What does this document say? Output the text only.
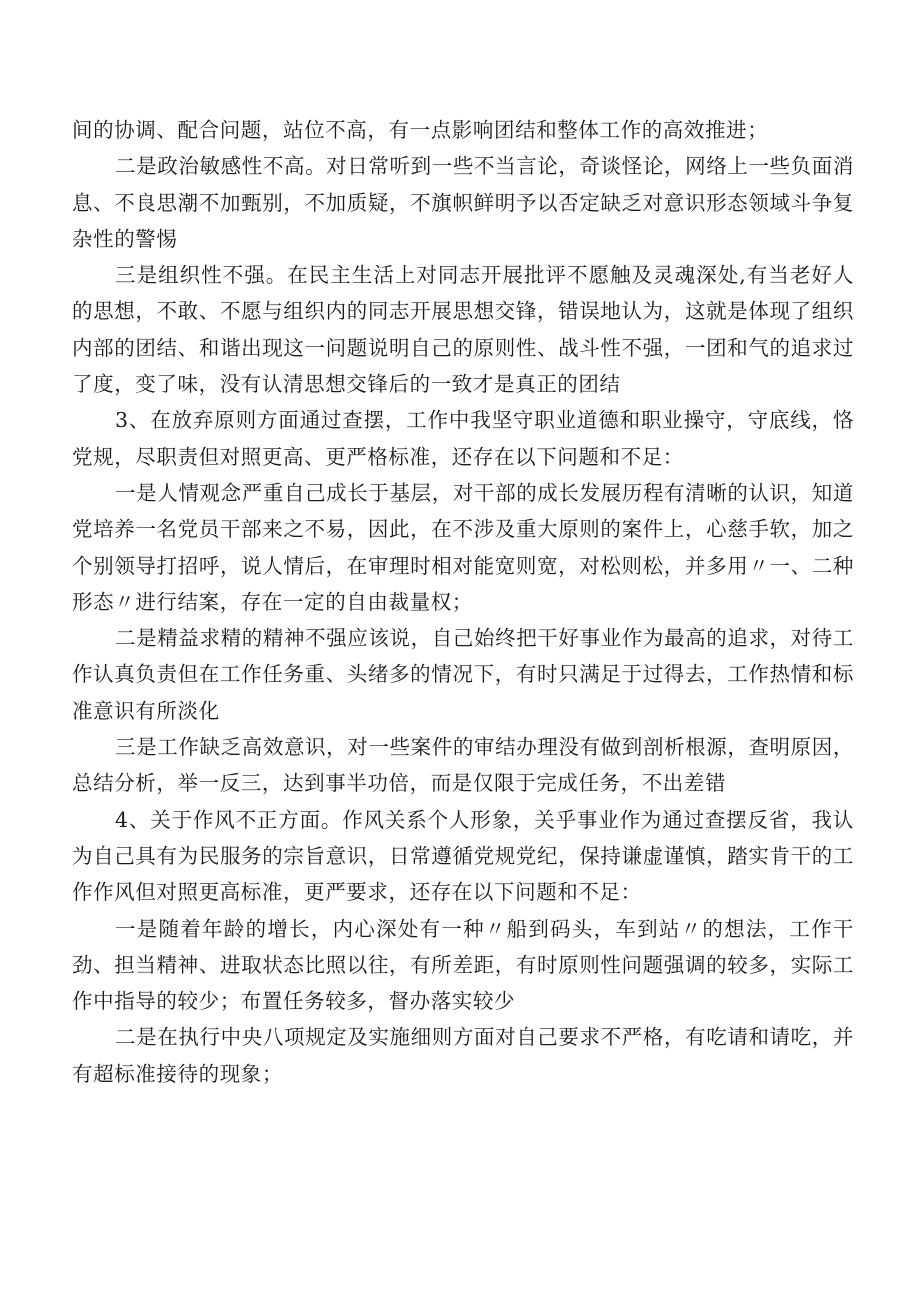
间的协调、配合问题，站位不高，有一点影响团结和整体工作的高效推进；

二是政治敏感性不高。对日常听到一些不当言论，奇谈怪论，网络上一些负面消息、不良思潮不加甄别，不加质疑，不旗帜鲜明予以否定缺乏对意识形态领域斗争复杂性的警惕

三是组织性不强。在民主生活上对同志开展批评不愿触及灵魂深处,有当老好人的思想，不敢、不愿与组织内的同志开展思想交锋，错误地认为，这就是体现了组织内部的团结、和谐出现这一问题说明自己的原则性、战斗性不强，一团和气的追求过了度，变了味，没有认清思想交锋后的一致才是真正的团结

3、在放弃原则方面通过查摆，工作中我坚守职业道德和职业操守，守底线，恪党规，尽职责但对照更高、更严格标准，还存在以下问题和不足：

一是人情观念严重自己成长于基层，对干部的成长发展历程有清晰的认识，知道党培养一名党员干部来之不易，因此，在不涉及重大原则的案件上，心慈手软，加之个别领导打招呼，说人情后，在审理时相对能宽则宽，对松则松，并多用〃一、二种形态〃进行结案，存在一定的自由裁量权；

二是精益求精的精神不强应该说，自己始终把干好事业作为最高的追求，对待工作认真负责但在工作任务重、头绪多的情况下，有时只满足于过得去，工作热情和标准意识有所淡化

三是工作缺乏高效意识，对一些案件的审结办理没有做到剖析根源，查明原因，总结分析，举一反三，达到事半功倍，而是仅限于完成任务，不出差错

4、关于作风不正方面。作风关系个人形象，关乎事业作为通过查摆反省，我认为自己具有为民服务的宗旨意识，日常遵循党规党纪，保持谦虚谨慎，踏实肯干的工作作风但对照更高标准，更严要求，还存在以下问题和不足：

一是随着年龄的增长，内心深处有一种〃船到码头，车到站〃的想法，工作干劲、担当精神、进取状态比照以往，有所差距，有时原则性问题强调的较多，实际工作中指导的较少；布置任务较多，督办落实较少

二是在执行中央八项规定及实施细则方面对自己要求不严格，有吃请和请吃，并有超标准接待的现象；
